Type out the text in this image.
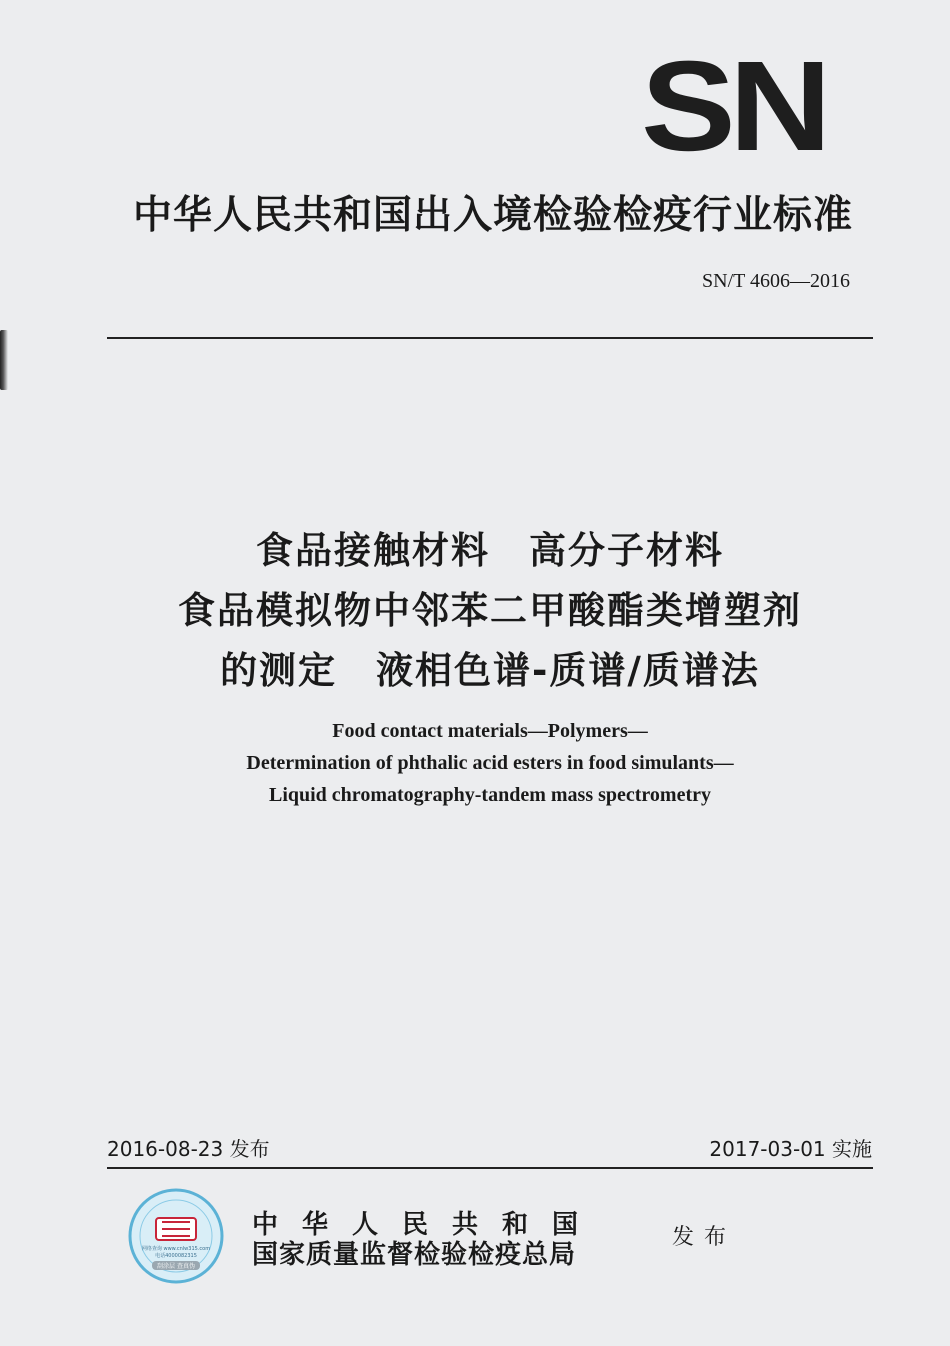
SN
中华人民共和国出入境检验检疫行业标准
SN/T 4606—2016
食品接触材料　高分子材料
食品模拟物中邻苯二甲酸酯类增塑剂
的测定　液相色谱-质谱/质谱法
Food contact materials—Polymers—
Determination of phthalic acid esters in food simulants—
Liquid chromatography-tandem mass spectrometry
2016-08-23 发布	2017-03-01 实施
网络查询 www.cnlw315.com
电话4000082315
刮涂层 查真伪
中华人民共和国
国家质量监督检验检疫总局
发布
